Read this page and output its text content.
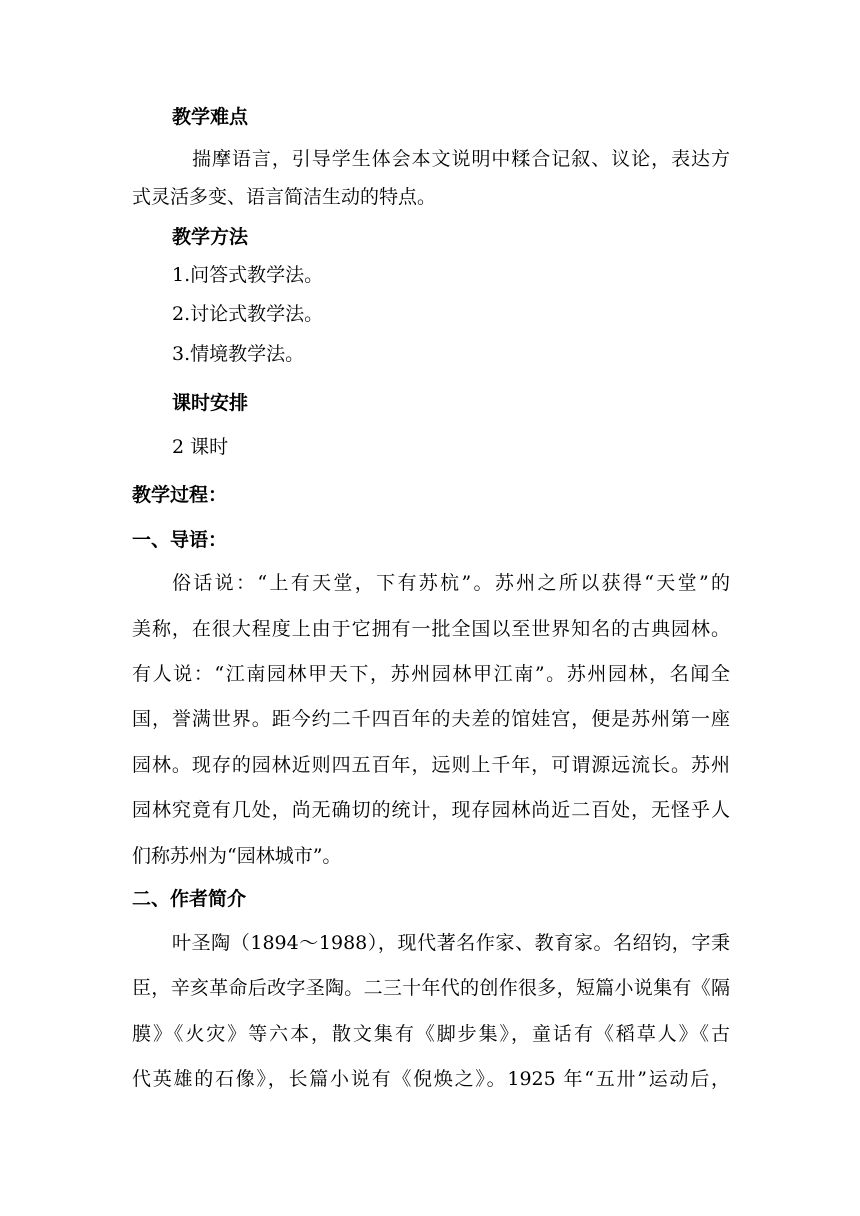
教学难点
揣摩语言，引导学生体会本文说明中糅合记叙、议论，表达方
式灵活多变、语言简洁生动的特点。
教学方法
1.问答式教学法。
2.讨论式教学法。
3.情境教学法。
课时安排
2 课时
教学过程：
一、导语：
俗话说：“上有天堂，下有苏杭”。苏州之所以获得“天堂”的
美称，在很大程度上由于它拥有一批全国以至世界知名的古典园林。
有人说：“江南园林甲天下，苏州园林甲江南”。苏州园林，名闻全
国，誉满世界。距今约二千四百年的夫差的馆娃宫，便是苏州第一座
园林。现存的园林近则四五百年，远则上千年，可谓源远流长。苏州
园林究竟有几处，尚无确切的统计，现存园林尚近二百处，无怪乎人
们称苏州为“园林城市”。
二、作者简介
叶圣陶（1894～1988），现代著名作家、教育家。名绍钧，字秉
臣，辛亥革命后改字圣陶。二三十年代的创作很多，短篇小说集有《隔
膜》《火灾》等六本，散文集有《脚步集》，童话有《稻草人》《古
代英雄的石像》，长篇小说有《倪焕之》。1925 年“五卅”运动后，
